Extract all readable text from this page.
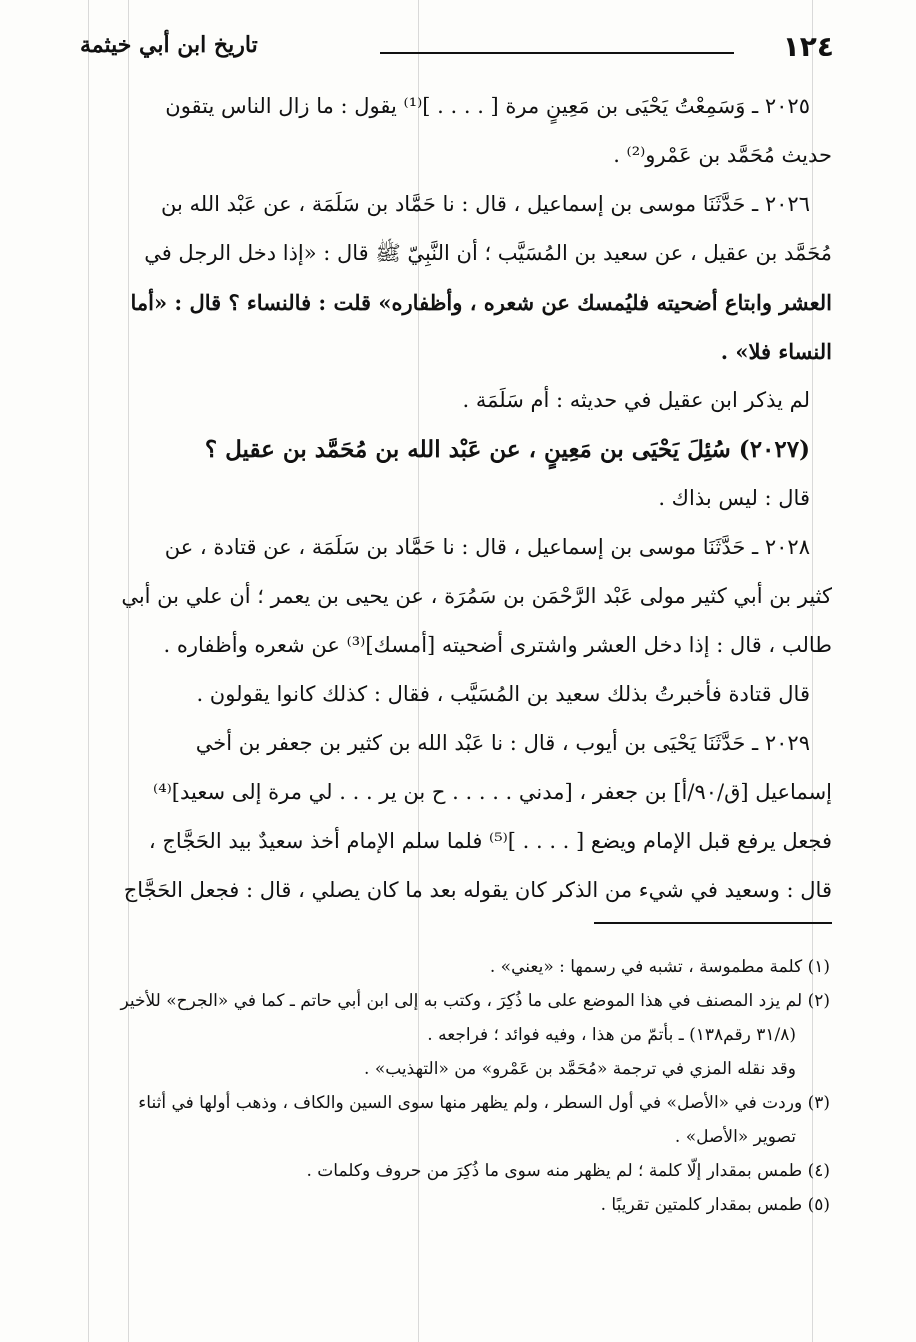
١٢٤
تاريخ ابن أبي خيثمة

٢٠٢٥ ـ وَسَمِعْتُ يَحْيَى بن مَعِينٍ مرة [ . . . . ]⁽¹⁾ يقول : ما زال الناس يتقون

حديث مُحَمَّد بن عَمْرو⁽²⁾ .

٢٠٢٦ ـ حَدَّثَنَا موسى بن إسماعيل ، قال : نا حَمَّاد بن سَلَمَة ، عن عَبْد الله بن

مُحَمَّد بن عقيل ، عن سعيد بن المُسَيَّب ؛ أن النَّبِيّ ﷺ قال : «إذا دخل الرجل في

العشر وابتاع أضحيته فليُمسك عن شعره ، وأظفاره» قلت : فالنساء ؟ قال : «أما

النساء فلا» .

لم يذكر ابن عقيل في حديثه : أم سَلَمَة .

(٢٠٢٧) سُئِلَ يَحْيَى بن مَعِينٍ ، عن عَبْد الله بن مُحَمَّد بن عقيل ؟

قال : ليس بذاك .

٢٠٢٨ ـ حَدَّثَنَا موسى بن إسماعيل ، قال : نا حَمَّاد بن سَلَمَة ، عن قتادة ، عن

كثير بن أبي كثير مولى عَبْد الرَّحْمَن بن سَمُرَة ، عن يحيى بن يعمر ؛ أن علي بن أبي

طالب ، قال : إذا دخل العشر واشترى أضحيته [أمسك]⁽³⁾ عن شعره وأظفاره .

قال قتادة فأخبرتُ بذلك سعيد بن المُسَيَّب ، فقال : كذلك كانوا يقولون .

٢٠٢٩ ـ حَدَّثَنَا يَحْيَى بن أيوب ، قال : نا عَبْد الله بن كثير بن جعفر بن أخي

إسماعيل [ق/٩٠/أ] بن جعفر ، [مدني . . . . . ح بن ير . . . لي مرة إلى سعيد]⁽⁴⁾

فجعل يرفع قبل الإمام ويضع [ . . . . ]⁽⁵⁾ فلما سلم الإمام أخذ سعيدٌ بيد الحَجَّاج ،

قال : وسعيد في شيء من الذكر كان يقوله بعد ما كان يصلي ، قال : فجعل الحَجَّاج

(١) كلمة مطموسة ، تشبه في رسمها : «يعني» .

(٢) لم يزد المصنف في هذا الموضع على ما ذُكِرَ ، وكتب به إلى ابن أبي حاتم ـ كما في «الجرح» للأخير

(٣١/٨ رقم١٣٨) ـ بأتمّ من هذا ، وفيه فوائد ؛ فراجعه .

وقد نقله المزي في ترجمة «مُحَمَّد بن عَمْرو» من «التهذيب» .

(٣) وردت في «الأصل» في أول السطر ، ولم يظهر منها سوى السين والكاف ، وذهب أولها في أثناء

تصوير «الأصل» .

(٤) طمس بمقدار إلّا كلمة ؛ لم يظهر منه سوى ما ذُكِرَ من حروف وكلمات .

(٥) طمس بمقدار كلمتين تقريبًا .
